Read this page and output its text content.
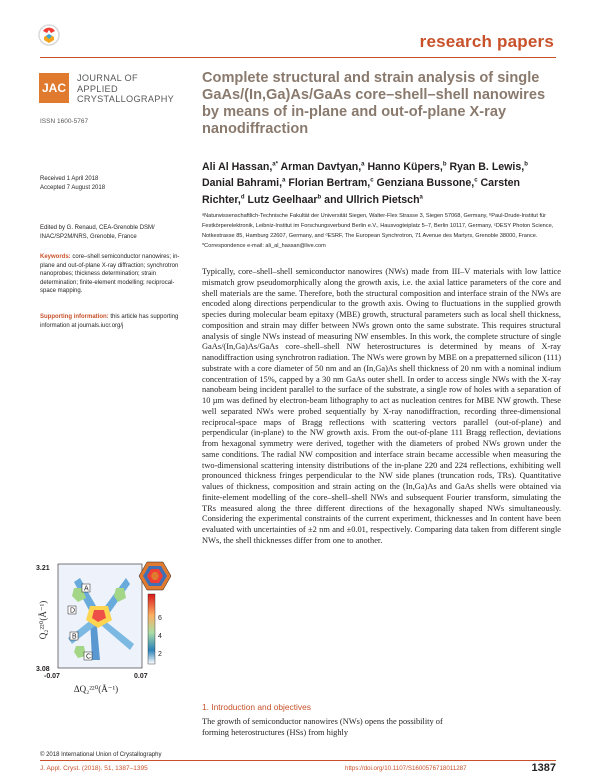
research papers
JAC
JOURNAL OF
APPLIED
CRYSTALLOGRAPHY
ISSN 1600-5767
Complete structural and strain analysis of single GaAs/(In,Ga)As/GaAs core–shell–shell nanowires by means of in-plane and out-of-plane X-ray nanodiffraction
Ali Al Hassan,$^{a*}$ Arman Davtyan,$^a$ Hanno Küpers,$^b$ Ryan B. Lewis,$^b$ Danial Bahrami,$^a$ Florian Bertram,$^c$ Genziana Bussone,$^c$ Carsten Richter,$^d$ Lutz Geelhaar$^b$ and Ullrich Pietsch$^a$
ᵃNaturwissenschaftlich-Technische Fakultät der Universität Siegen, Walter-Flex Strasse 3, Siegen 57068, Germany, ᵇPaul-Drude-Institut für Festkörperelektronik, Leibniz-Institut im Forschungsverbund Berlin e.V., Hausvogteiplatz 5–7, Berlin 10117, Germany, ᶜDESY Photon Science, Notkestrasse 85, Hamburg 22607, Germany, and ᵈESRF, The European Synchrotron, 71 Avenue des Martyrs, Grenoble 38000, France. *Correspondence e-mail: ali_al_hassan@live.com
Received 1 April 2018
Accepted 7 August 2018
Edited by G. Renaud, CEA-Grenoble DSM/ INAC/SP2M/NRS, Grenoble, France
Keywords: core–shell semiconductor nanowires; in-plane and out-of-plane X-ray diffraction; synchrotron nanoprobes; thickness determination; strain determination; finite-element modelling; reciprocal-space mapping.
Supporting information: this article has supporting information at journals.iucr.org/j
Typically, core–shell–shell semiconductor nanowires (NWs) made from III–V materials with low lattice mismatch grow pseudomorphically along the growth axis, i.e. the axial lattice parameters of the core and shell materials are the same. Therefore, both the structural composition and interface strain of the NWs are encoded along directions perpendicular to the growth axis. Owing to fluctuations in the supplied growth species during molecular beam epitaxy (MBE) growth, structural parameters such as local shell thickness, composition and strain may differ between NWs grown onto the same substrate. This requires structural analysis of single NWs instead of measuring NW ensembles. In this work, the complete structure of single GaAs/(In,Ga)As/GaAs core–shell–shell NW heterostructures is determined by means of X-ray nanodiffraction using synchrotron radiation. The NWs were grown by MBE on a prepatterned silicon (111) substrate with a core diameter of 50 nm and an (In,Ga)As shell thickness of 20 nm with a nominal indium concentration of 15%, capped by a 30 nm GaAs outer shell. In order to access single NWs with the X-ray nanobeam being incident parallel to the surface of the substrate, a single row of holes with a separation of 10 µm was defined by electron-beam lithography to act as nucleation centres for MBE NW growth. These well separated NWs were probed sequentially by X-ray nanodiffraction, recording three-dimensional reciprocal-space maps of Bragg reflections with scattering vectors parallel (out-of-plane) and perpendicular (in-plane) to the NW growth axis. From the out-of-plane 111 Bragg reflection, deviations from hexagonal symmetry were derived, together with the diameters of probed NWs grown under the same conditions. The radial NW composition and interface strain became accessible when measuring the two-dimensional scattering intensity distributions of the in-plane 22̄0 and 22̄4 reflections, exhibiting well pronounced thickness fringes perpendicular to the NW side planes (truncation rods, TRs). Quantitative values of thickness, composition and strain acting on the (In,Ga)As and GaAs shells were obtained via finite-element modelling of the core–shell–shell NWs and subsequent Fourier transform, simulating the TRs measured along the three different directions of the hexagonally shaped NWs simultaneously. Considering the experimental constraints of the current experiment, thicknesses and In content have been evaluated with uncertainties of ±2 nm and ±0.01, respectively. Comparing data taken from different single NWs, the shell thicknesses differ from one to another.
A
B
C
D
6
4
2
3.21
3.08
-0.07	0.07
ΔQ₂²²⁰(Å⁻¹)
Q₂²²⁰(Å⁻¹)
1. Introduction and objectives
The growth of semiconductor nanowires (NWs) opens the possibility of forming heterostructures (HSs) from highly
© 2018 International Union of Crystallography
J. Appl. Cryst. (2018). 51, 1387–1395	https://doi.org/10.1107/S1600576718011287	1387
